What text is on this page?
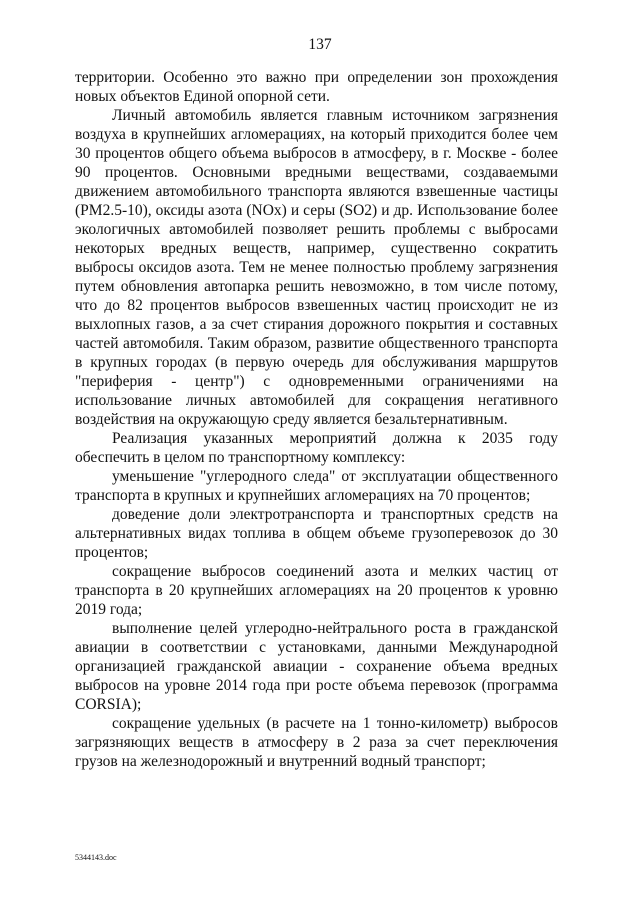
137

территории. Особенно это важно при определении зон прохождения новых объектов Единой опорной сети.

Личный автомобиль является главным источником загрязнения воздуха в крупнейших агломерациях, на который приходится более чем 30 процентов общего объема выбросов в атмосферу, в г. Москве - более 90 процентов. Основными вредными веществами, создаваемыми движением автомобильного транспорта являются взвешенные частицы (PM2.5-10), оксиды азота (NOx) и серы (SO2) и др. Использование более экологичных автомобилей позволяет решить проблемы с выбросами некоторых вредных веществ, например, существенно сократить выбросы оксидов азота. Тем не менее полностью проблему загрязнения путем обновления автопарка решить невозможно, в том числе потому, что до 82 процентов выбросов взвешенных частиц происходит не из выхлопных газов, а за счет стирания дорожного покрытия и составных частей автомобиля. Таким образом, развитие общественного транспорта в крупных городах (в первую очередь для обслуживания маршрутов "периферия - центр") с одновременными ограничениями на использование личных автомобилей для сокращения негативного воздействия на окружающую среду является безальтернативным.

Реализация указанных мероприятий должна к 2035 году обеспечить в целом по транспортному комплексу:

уменьшение "углеродного следа" от эксплуатации общественного транспорта в крупных и крупнейших агломерациях на 70 процентов;

доведение доли электротранспорта и транспортных средств на альтернативных видах топлива в общем объеме грузоперевозок до 30 процентов;

сокращение выбросов соединений азота и мелких частиц от транспорта в 20 крупнейших агломерациях на 20 процентов к уровню 2019 года;

выполнение целей углеродно-нейтрального роста в гражданской авиации в соответствии с установками, данными Международной организацией гражданской авиации - сохранение объема вредных выбросов на уровне 2014 года при росте объема перевозок (программа CORSIA);

сокращение удельных (в расчете на 1 тонно-километр) выбросов загрязняющих веществ в атмосферу в 2 раза за счет переключения грузов на железнодорожный и внутренний водный транспорт;

5344143.doc
